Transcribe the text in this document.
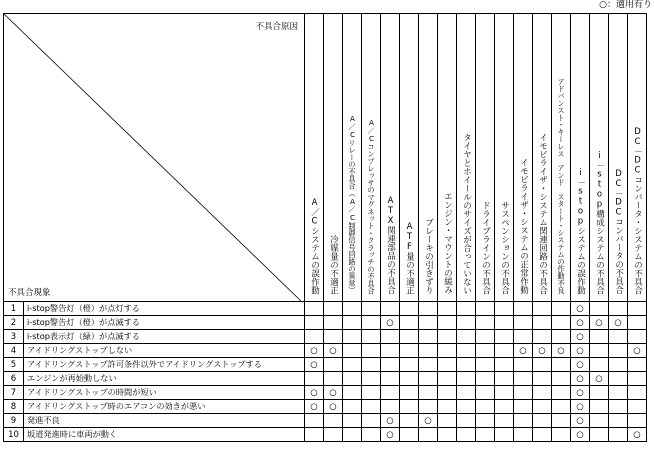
○：適用有り
不具合原因
不具合現象		A／Cシステムの誤作動	冷媒量の不適正	A／Cリレーの不具合（A／C制御信号回路の異常）	A／Cコンプレッサのマグネット・クラッチの不具合	ATX関連部品の不具合	ATF量の不適正	ブレーキの引きずり	エンジン・マウントの緩み	タイヤとホイールのサイズが合っていない	ドライブラインの不具合	サスペンションの不具合	イモビライザ・システムの正常作動	イモビライザ・システム関連回路の不具合	アドバンスト・キーレス　アンド　スタート・システムの作動不良	i－stopシステムの誤作動	i－stop構成システムの不具合	DC－DCコンバータの不具合	DC－DCコンバータ・システムの不具合
1	i-stop警告灯（橙）が点灯する															○			
2	i-stop警告灯（橙）が点滅する					○										○	○	○	
3	i-stop表示灯（緑）が点滅する															○			
4	アイドリングストップしない	○	○										○	○	○	○			○
5	アイドリングストップ許可条件以外でアイドリングストップする	○														○			
6	エンジンが再始動しない															○	○		
7	アイドリングストップの時間が短い	○	○													○			
8	アイドリングストップ時のエアコンの効きが悪い	○	○													○			
9	発進不良					○		○								○			
10	坂道発進時に車両が動く					○										○			○
